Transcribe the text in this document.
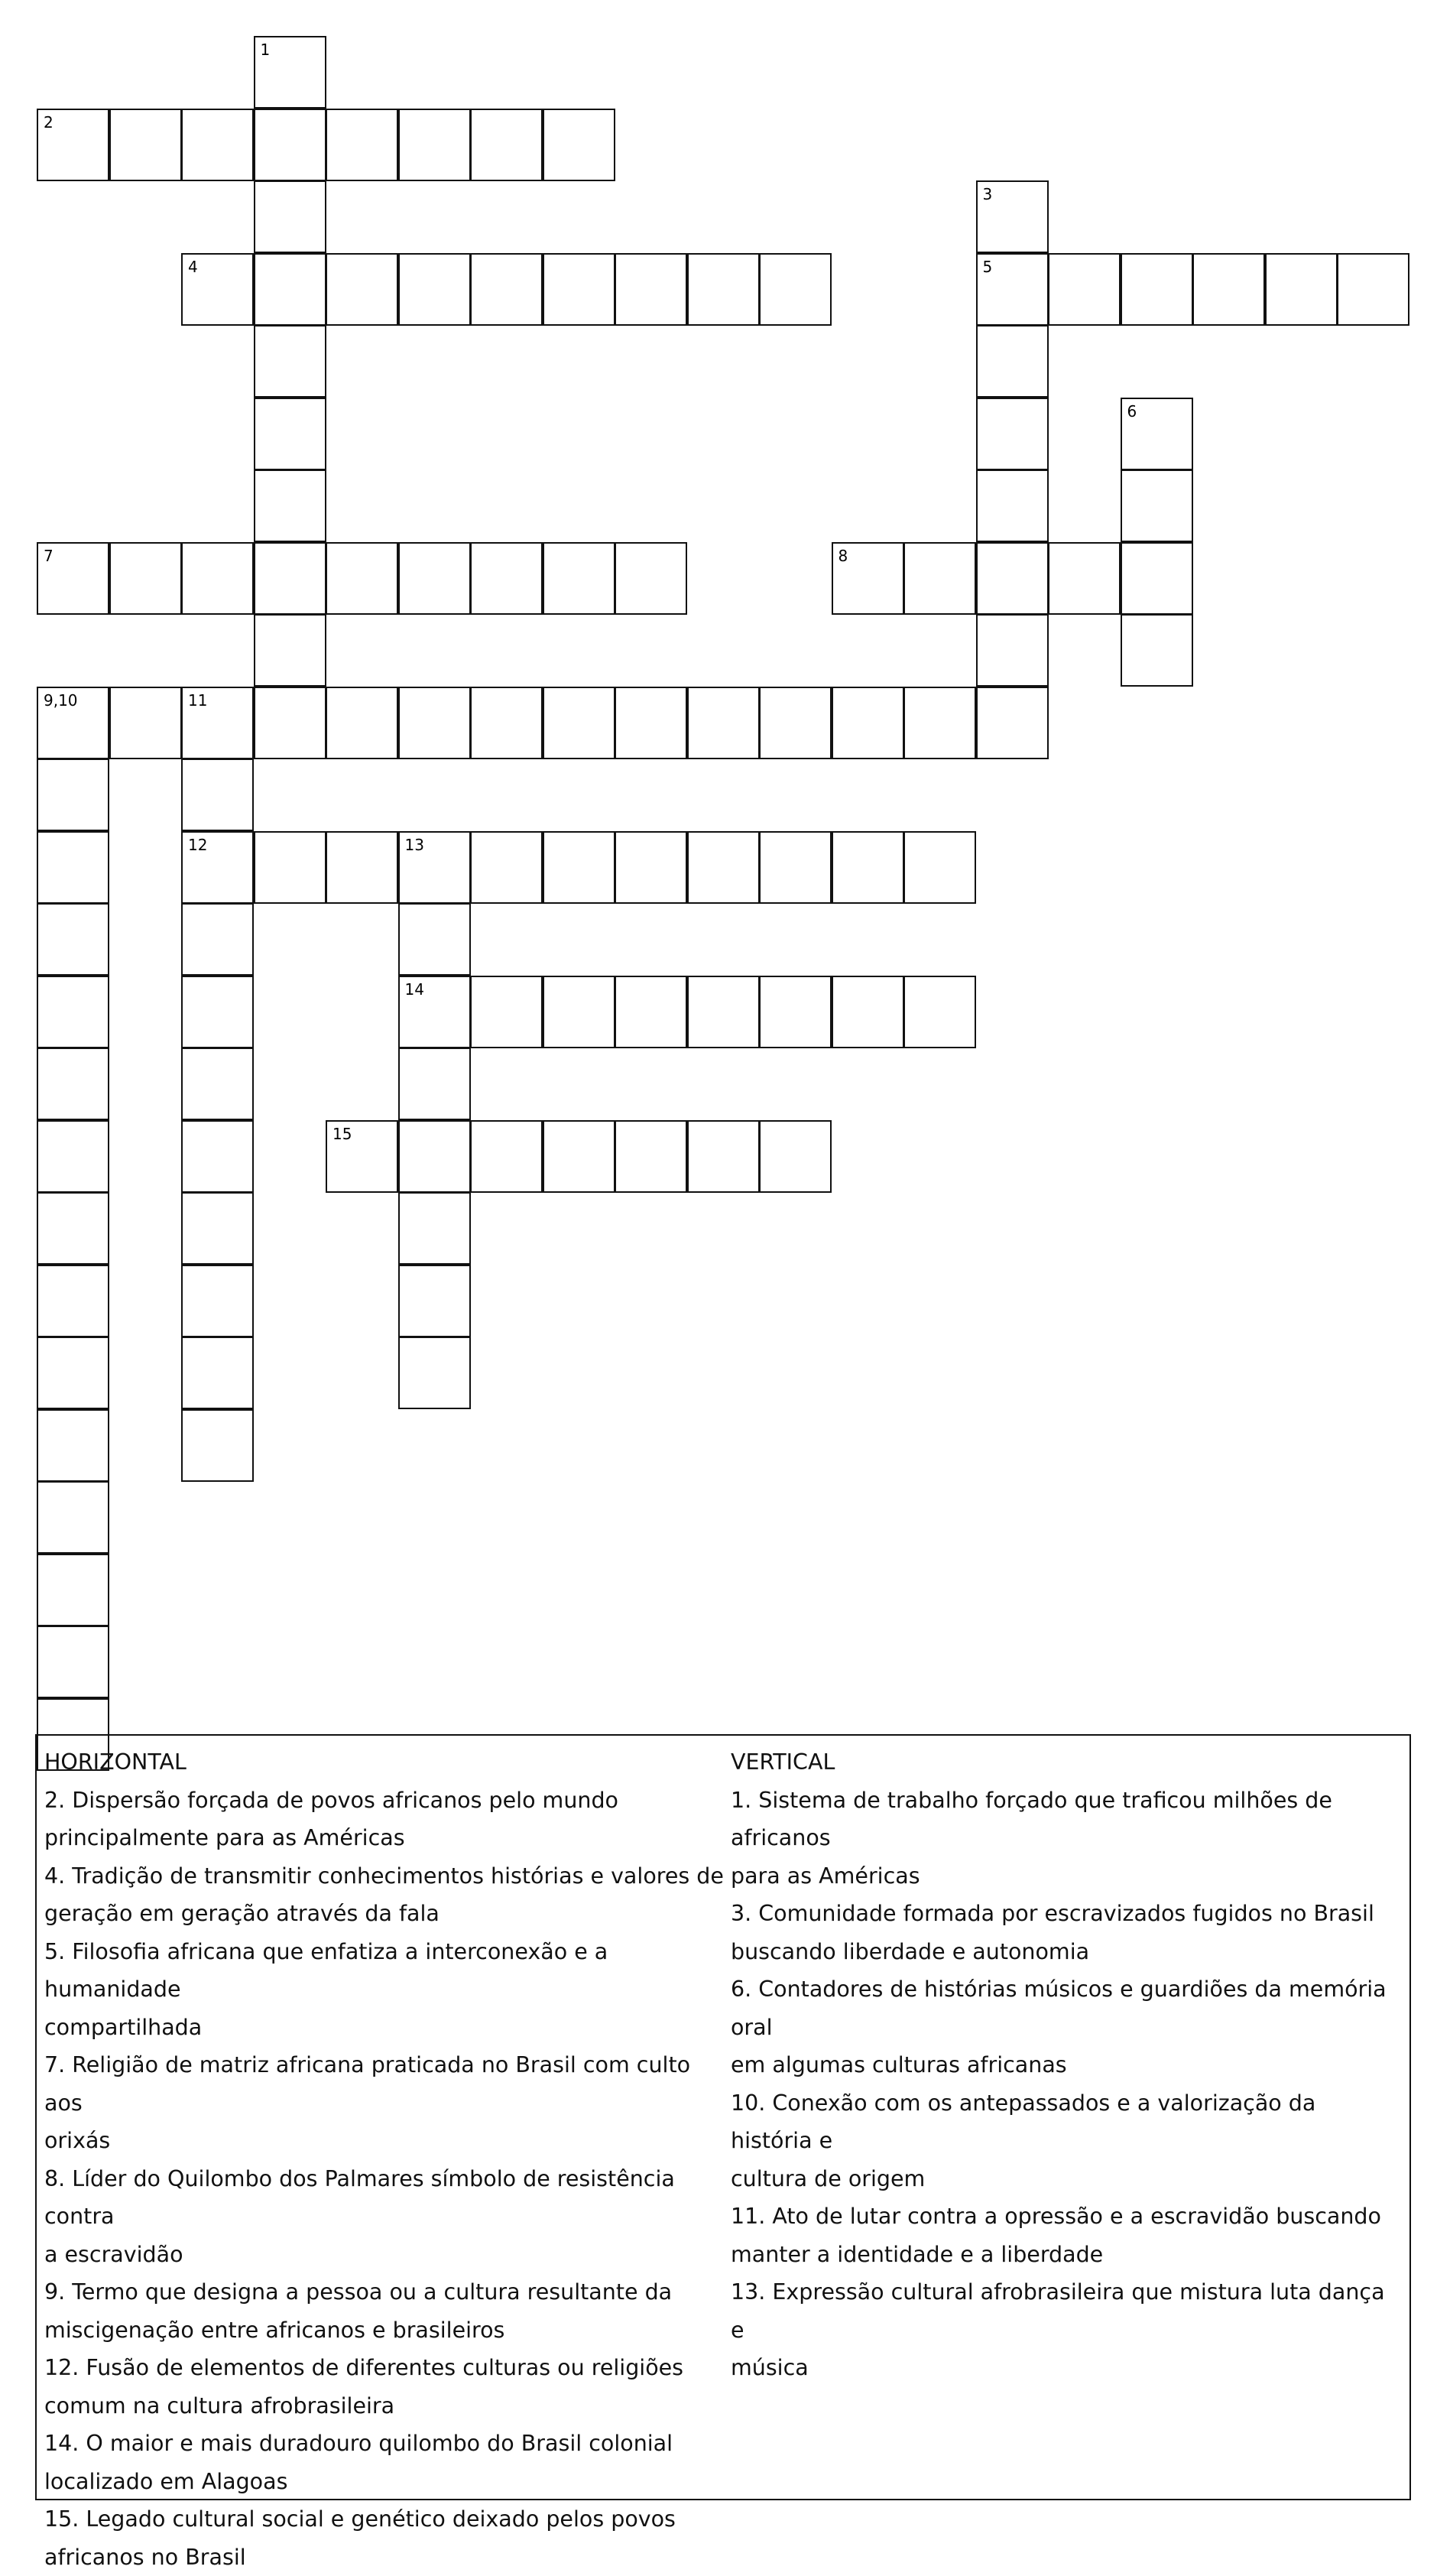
1
2
3
5
4
6
7	8
9,10	11
12	13
14
15
HORIZONTAL
2. Dispersão forçada de povos africanos pelo mundo
principalmente para as Américas
4. Tradição de transmitir conhecimentos histórias e valores de
geração em geração através da fala
5. Filosofia africana que enfatiza a interconexão e a humanidade
compartilhada
7. Religião de matriz africana praticada no Brasil com culto aos
orixás
8. Líder do Quilombo dos Palmares símbolo de resistência contra
a escravidão
9. Termo que designa a pessoa ou a cultura resultante da
miscigenação entre africanos e brasileiros
12. Fusão de elementos de diferentes culturas ou religiões
comum na cultura afrobrasileira
14. O maior e mais duradouro quilombo do Brasil colonial
localizado em Alagoas
15. Legado cultural social e genético deixado pelos povos
africanos no Brasil
VERTICAL
1. Sistema de trabalho forçado que traficou milhões de africanos
para as Américas
3. Comunidade formada por escravizados fugidos no Brasil
buscando liberdade e autonomia
6. Contadores de histórias músicos e guardiões da memória oral
em algumas culturas africanas
10. Conexão com os antepassados e a valorização da história e
cultura de origem
11. Ato de lutar contra a opressão e a escravidão buscando
manter a identidade e a liberdade
13. Expressão cultural afrobrasileira que mistura luta dança e
música
